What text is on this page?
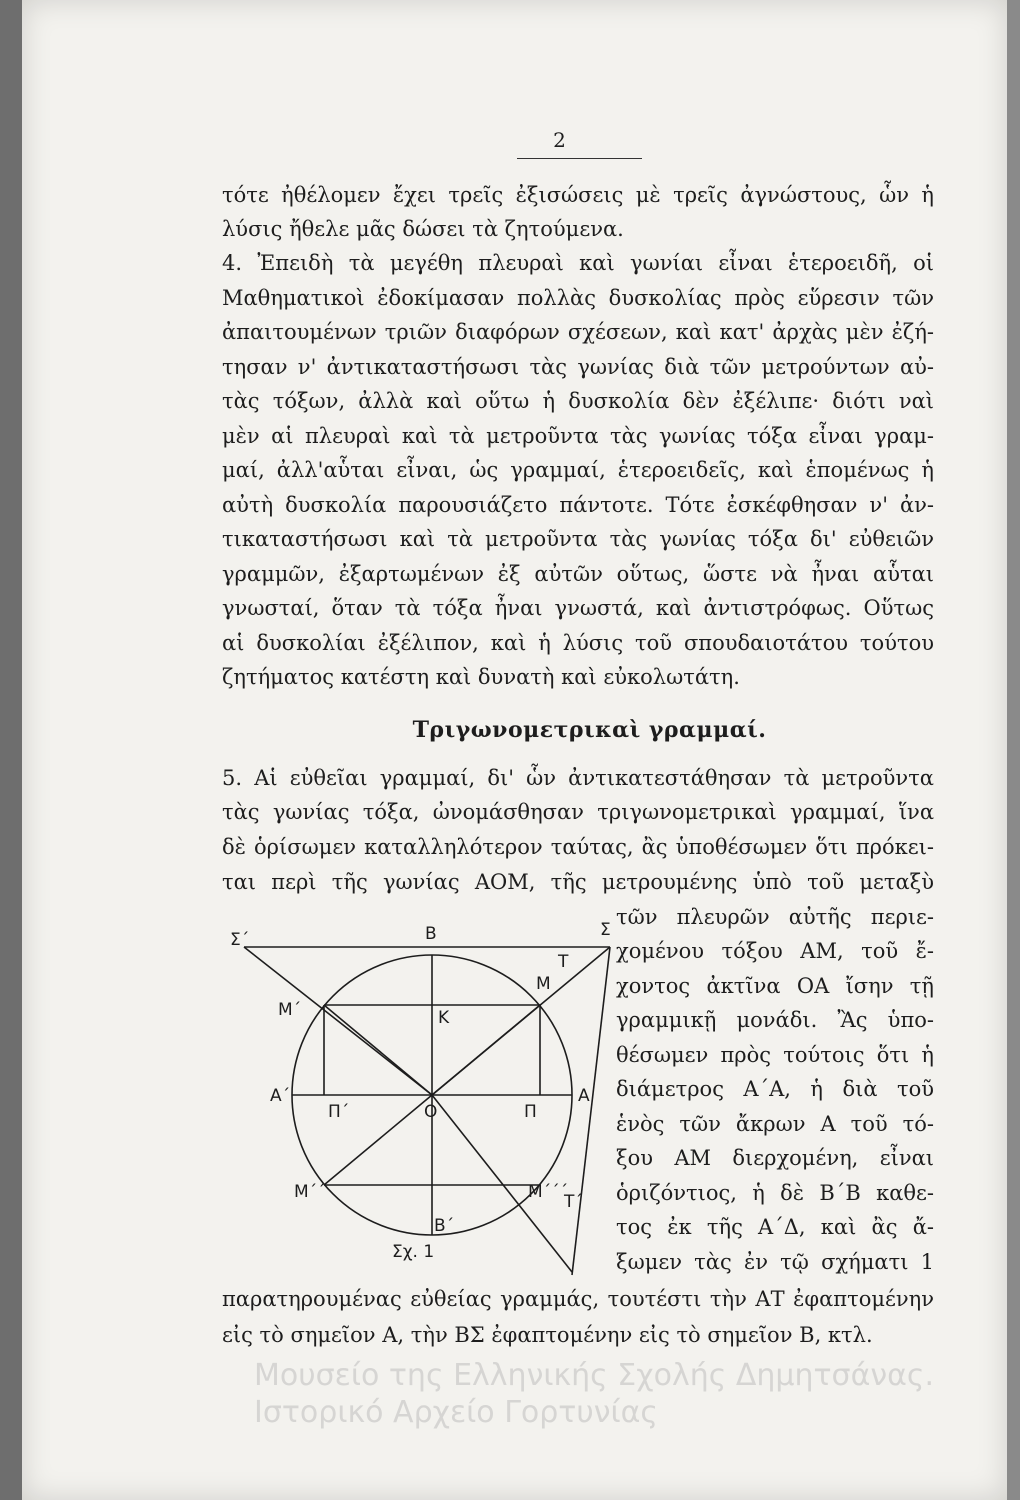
2
τότε ἠθέλομεν ἔχει τρεῖς ἐξισώσεις μὲ τρεῖς ἀγνώστους, ὧν ἡ
λύσις ἤθελε μᾶς δώσει τὰ ζητούμενα.
4. Ἐπειδὴ τὰ μεγέθη πλευραὶ καὶ γωνίαι εἶναι ἑτεροειδῆ, οἱ
Μαθηματικοὶ ἐδοκίμασαν πολλὰς δυσκολίας πρὸς εὕρεσιν τῶν
ἀπαιτουμένων τριῶν διαφόρων σχέσεων, καὶ κατ' ἀρχὰς μὲν ἐζή-
τησαν ν' ἀντικαταστήσωσι τὰς γωνίας διὰ τῶν μετρούντων αὐ-
τὰς τόξων, ἀλλὰ καὶ οὕτω ἡ δυσκολία δὲν ἐξέλιπε· διότι ναὶ
μὲν αἱ πλευραὶ καὶ τὰ μετροῦντα τὰς γωνίας τόξα εἶναι γραμ-
μαί, ἀλλ'αὗται εἶναι, ὡς γραμμαί, ἑτεροειδεῖς, καὶ ἑπομένως ἡ
αὐτὴ δυσκολία παρουσιάζετο πάντοτε. Τότε ἐσκέφθησαν ν' ἀν-
τικαταστήσωσι καὶ τὰ μετροῦντα τὰς γωνίας τόξα δι' εὐθειῶν
γραμμῶν, ἐξαρτωμένων ἐξ αὐτῶν οὕτως, ὥστε νὰ ἦναι αὗται
γνωσταί, ὅταν τὰ τόξα ἦναι γνωστά, καὶ ἀντιστρόφως. Οὕτως
αἱ δυσκολίαι ἐξέλιπον, καὶ ἡ λύσις τοῦ σπουδαιοτάτου τούτου
ζητήματος κατέστη καὶ δυνατὴ καὶ εὐκολωτάτη.
Τριγωνομετρικαὶ γραμμαί.
5. Αἱ εὐθεῖαι γραμμαί, δι' ὧν ἀντικατεστάθησαν τὰ μετροῦντα
τὰς γωνίας τόξα, ὠνομάσθησαν τριγωνομετρικαὶ γραμμαί, ἵνα
δὲ ὁρίσωμεν καταλληλότερον ταύτας, ἂς ὑποθέσωμεν ὅτι πρόκει-
ται περὶ τῆς γωνίας ΑΟΜ, τῆς μετρουμένης ὑπὸ τοῦ μεταξὺ
τῶν πλευρῶν αὐτῆς περιε-
χομένου τόξου ΑΜ, τοῦ ἔ-
χοντος ἀκτῖνα ΟΑ ἴσην τῇ
γραμμικῇ μονάδι. Ἂς ὑπο-
θέσωμεν πρὸς τούτοις ὅτι ἡ
διάμετρος Α΄Α, ἡ διὰ τοῦ
ἑνὸς τῶν ἄκρων Α τοῦ τό-
ξου ΑΜ διερχομένη, εἶναι
ὁριζόντιος, ἡ δὲ Β΄Β καθε-
τος ἐκ τῆς Α΄Δ, καὶ ἂς ἄ-
ξωμεν τὰς ἐν τῷ σχήματι 1
Σ΄	Β	Σ
Τ
Μ
Μ΄	Κ
Α΄
Π΄	Ο	Π
Α
Μ΄΄	Μ΄΄΄
Τ΄
Β΄
Σχ. 1
παρατηρουμένας εὐθείας γραμμάς, τουτέστι τὴν ΑΤ ἐφαπτομένην
εἰς τὸ σημεῖον Α, τὴν ΒΣ ἐφαπτομένην εἰς τὸ σημεῖον Β, κτλ.
Μουσείο της Ελληνικής Σχολής Δημητσάνας.
Ιστορικό Αρχείο Γορτυνίας
